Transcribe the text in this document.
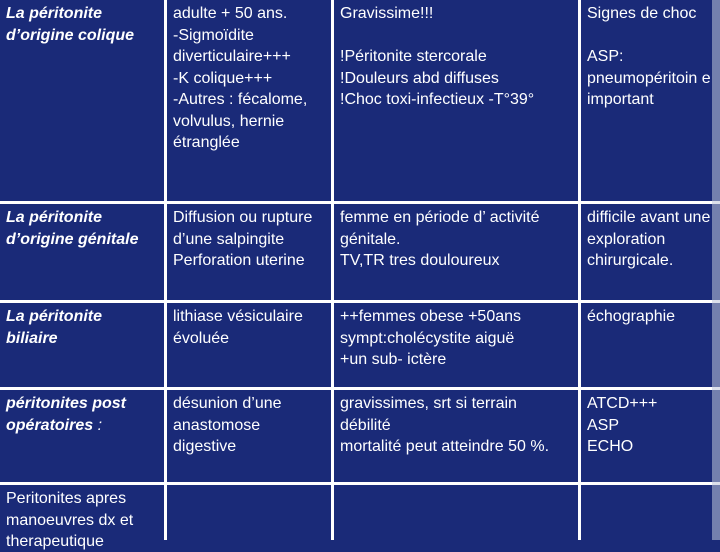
La péritonite
d’origine colique
adulte + 50 ans.
-Sigmoïdite diverticulaire+++
-K colique+++
-Autres : fécalome, volvulus, hernie étranglée
Gravissime!!!

!Péritonite stercorale
!Douleurs abd diffuses
!Choc toxi-infectieux -T°39°
Signes de choc

ASP: pneumopéritoin e important
La péritonite d’origine génitale
Diffusion ou rupture d’une salpingite
Perforation uterine
femme en période d’ activité génitale.
TV,TR tres douloureux
difficile avant une exploration chirurgicale.
La péritonite biliaire
lithiase vésiculaire évoluée
++femmes obese +50ans
sympt:cholécystite aiguë
+un sub- ictère
échographie
péritonites post opératoires :
désunion d’une anastomose digestive
gravissimes, srt si terrain débilité
mortalité peut atteindre 50 %.
ATCD+++
ASP
ECHO
Peritonites apres manoeuvres dx et therapeutique
